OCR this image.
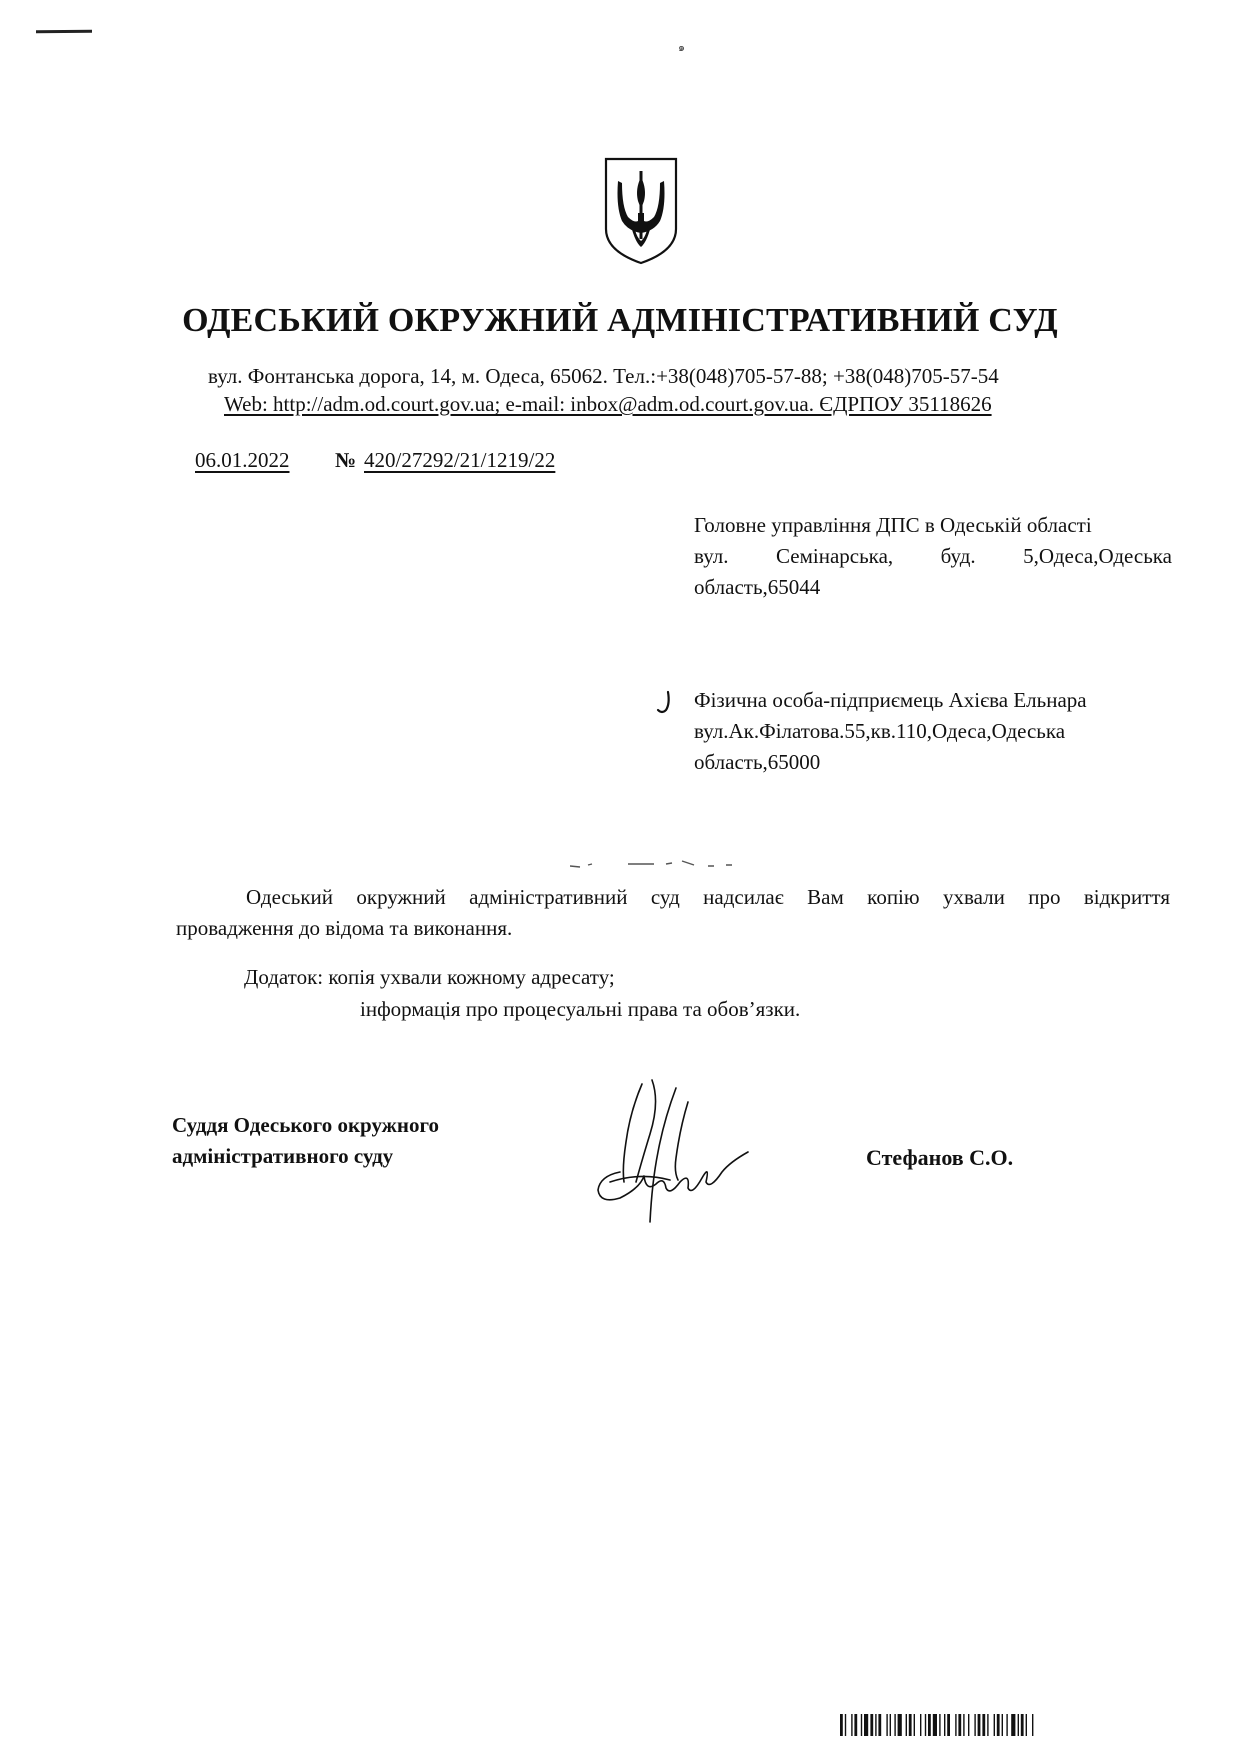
๑
ОДЕСЬКИЙ ОКРУЖНИЙ АДМІНІСТРАТИВНИЙ СУД
вул. Фонтанська дорога, 14, м. Одеса, 65062. Тел.:+38(048)705-57-88; +38(048)705-57-54
Web: http://adm.od.court.gov.ua; e-mail: inbox@adm.od.court.gov.ua. ЄДРПОУ 35118626
06.01.2022 № 420/27292/21/1219/22
Головне управління ДПС в Одеській області
вул. Семінарська, буд. 5,Одеса,Одеська
область,65044
Фізична особа-підприємець Ахієва Ельнара
вул.Ак.Філатова.55,кв.110,Одеса,Одеська
область,65000
Одеський окружний адміністративний суд надсилає Вам копію ухвали про відкриття
провадження до відома та виконання.
Додаток: копія ухвали кожному адресату;
інформація про процесуальні права та обов’язки.
Суддя Одеського окружного
адміністративного суду	Стефанов С.О.
